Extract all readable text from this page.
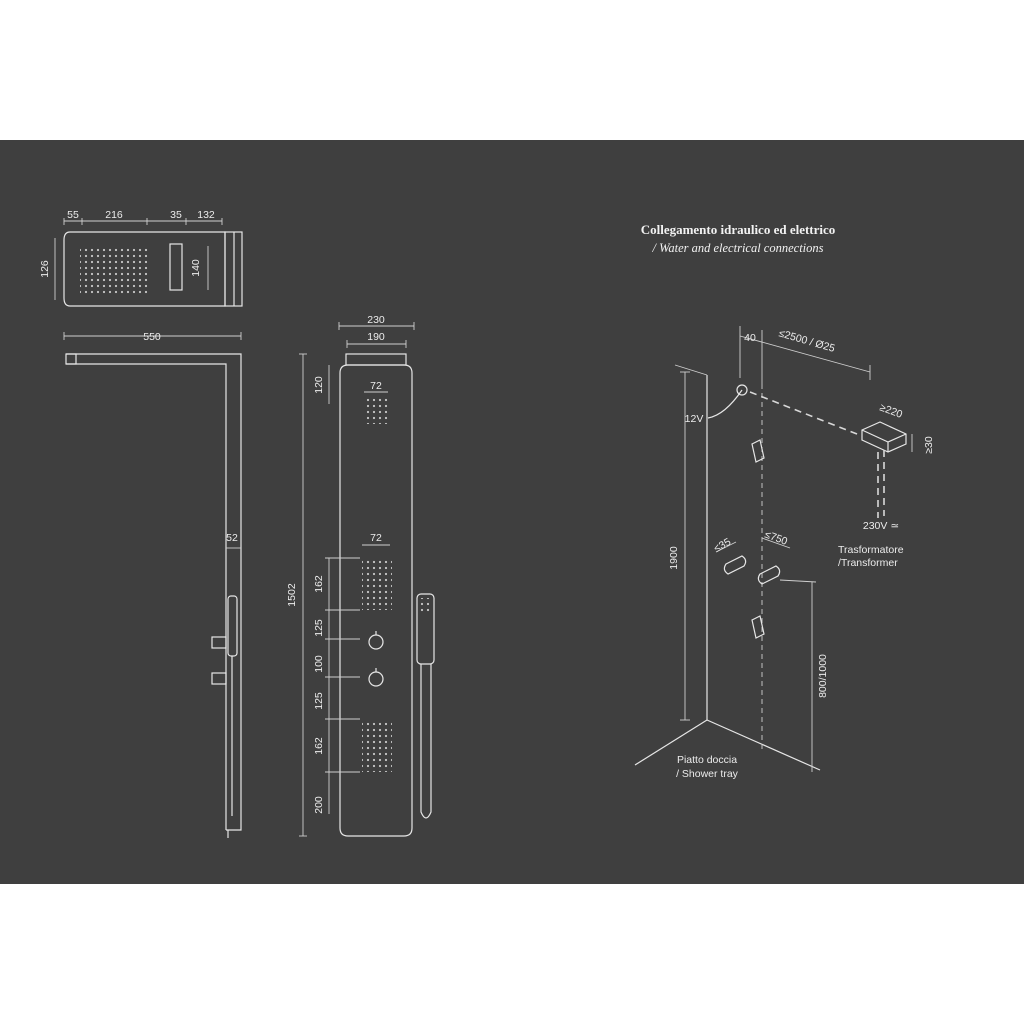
55	216	35 132
126	140
550
52
230
190
1502
120	72
72
162
125
100
125
162
200
Collegamento idraulico ed elettrico
/ Water and electrical connections
40 ≤2500 / Ø25
12V	≥220
≥30
230V ≃
Trasformatore
/Transformer
≤35	≤750
1900
800/1000
Piatto doccia
/ Shower tray
